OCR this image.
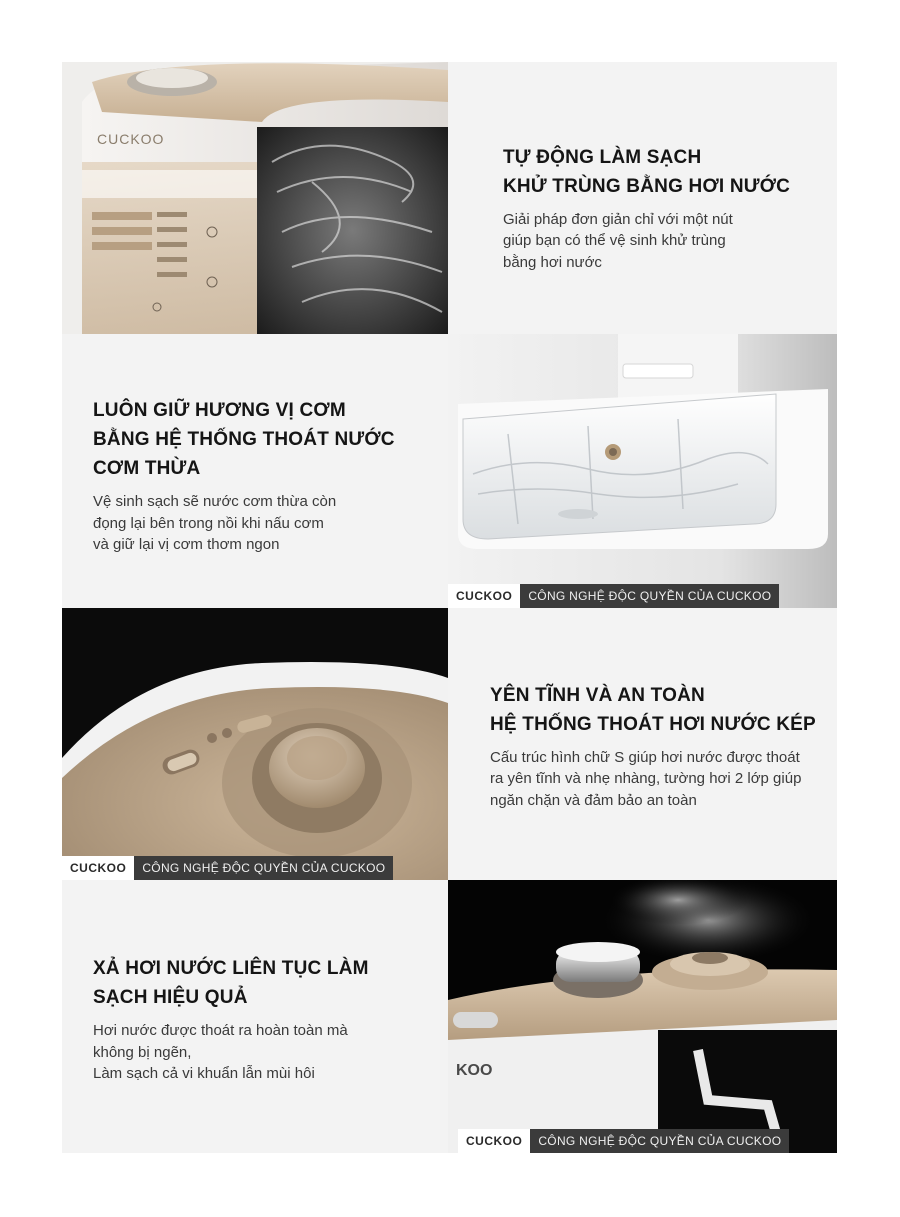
CUCKOO
TỰ ĐỘNG LÀM SẠCH
KHỬ TRÙNG BẰNG HƠI NƯỚC

Giải pháp đơn giản chỉ với một nút
giúp bạn có thể vệ sinh khử trùng
bằng hơi nước

LUÔN GIỮ HƯƠNG VỊ CƠM
BẰNG HỆ THỐNG THOÁT NƯỚC
CƠM THỪA

Vệ sinh sạch sẽ nước cơm thừa còn
đọng lại bên trong nồi khi nấu cơm
và giữ lại vị cơm thơm ngon

CUCKOO	CÔNG NGHỆ ĐỘC QUYỀN CỦA CUCKOO
CUCKOO	CÔNG NGHỆ ĐỘC QUYỀN CỦA CUCKOO
YÊN TĨNH VÀ AN TOÀN
HỆ THỐNG THOÁT HƠI NƯỚC KÉP

Cấu trúc hình chữ S giúp hơi nước được thoát
ra yên tĩnh và nhẹ nhàng, tường hơi 2 lớp giúp
ngăn chặn và đảm bảo an toàn

XẢ HƠI NƯỚC LIÊN TỤC LÀM
SẠCH HIỆU QUẢ

Hơi nước được thoát ra hoàn toàn mà
không bị ngẽn,
Làm sạch cả vi khuẩn lẫn mùi hôi	KOO
CUCKOO	CÔNG NGHỆ ĐỘC QUYỀN CỦA CUCKOO
